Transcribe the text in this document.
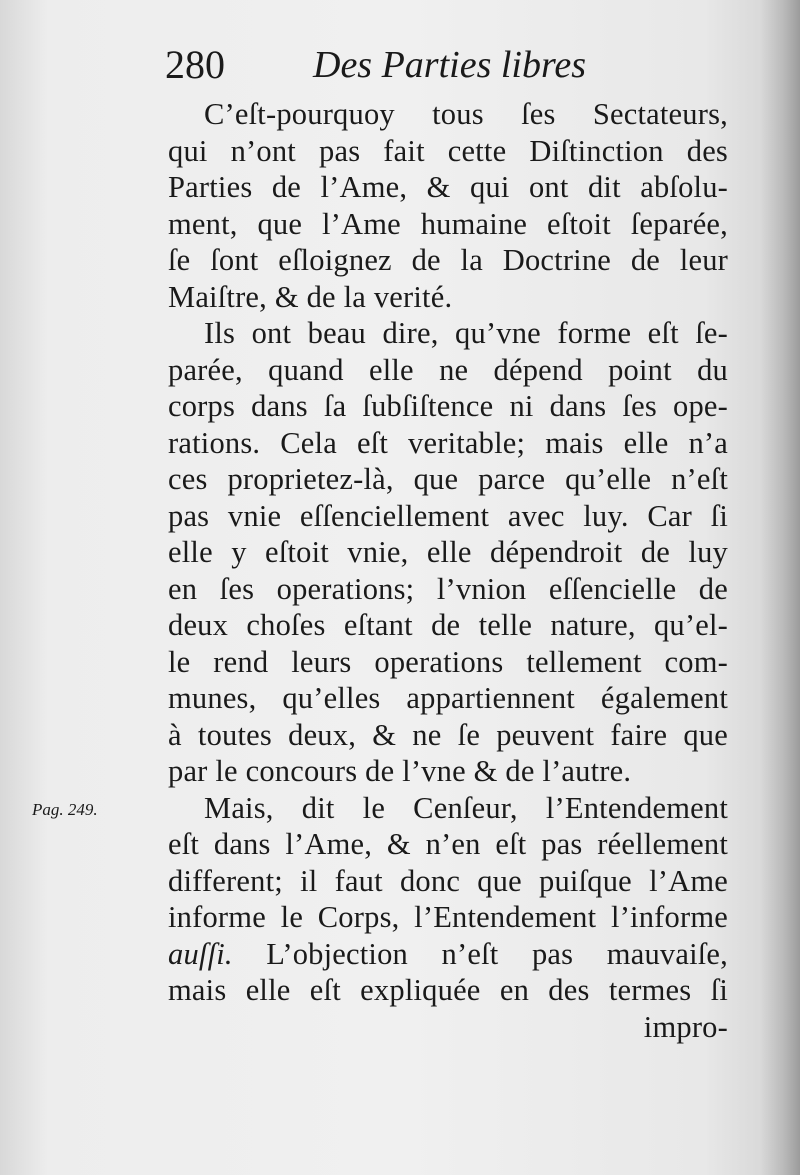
280 Des Parties libres
Pag. 249.
C’eſt-pourquoy tous ſes Sectateurs,
qui n’ont pas fait cette Diſtinction des
Parties de l’Ame, & qui ont dit abſolu-
ment, que l’Ame humaine eſtoit ſeparée,
ſe ſont eſloignez de la Doctrine de leur
Maiſtre, & de la verité.
Ils ont beau dire, qu’vne forme eſt ſe-
parée, quand elle ne dépend point du
corps dans ſa ſubſiſtence ni dans ſes ope-
rations. Cela eſt veritable; mais elle n’a
ces proprietez-là, que parce qu’elle n’eſt
pas vnie eſſenciellement avec luy. Car ſi
elle y eſtoit vnie, elle dépendroit de luy
en ſes operations; l’vnion eſſencielle de
deux choſes eſtant de telle nature, qu’el-
le rend leurs operations tellement com-
munes, qu’elles appartiennent également
à toutes deux, & ne ſe peuvent faire que
par le concours de l’vne & de l’autre.
Mais, dit le Cenſeur, l’Entendement
eſt dans l’Ame, & n’en eſt pas réellement
different; il faut donc que puiſque l’Ame
informe le Corps, l’Entendement l’informe
auſſi. L’objection n’eſt pas mauvaiſe,
mais elle eſt expliquée en des termes ſi
impro-
